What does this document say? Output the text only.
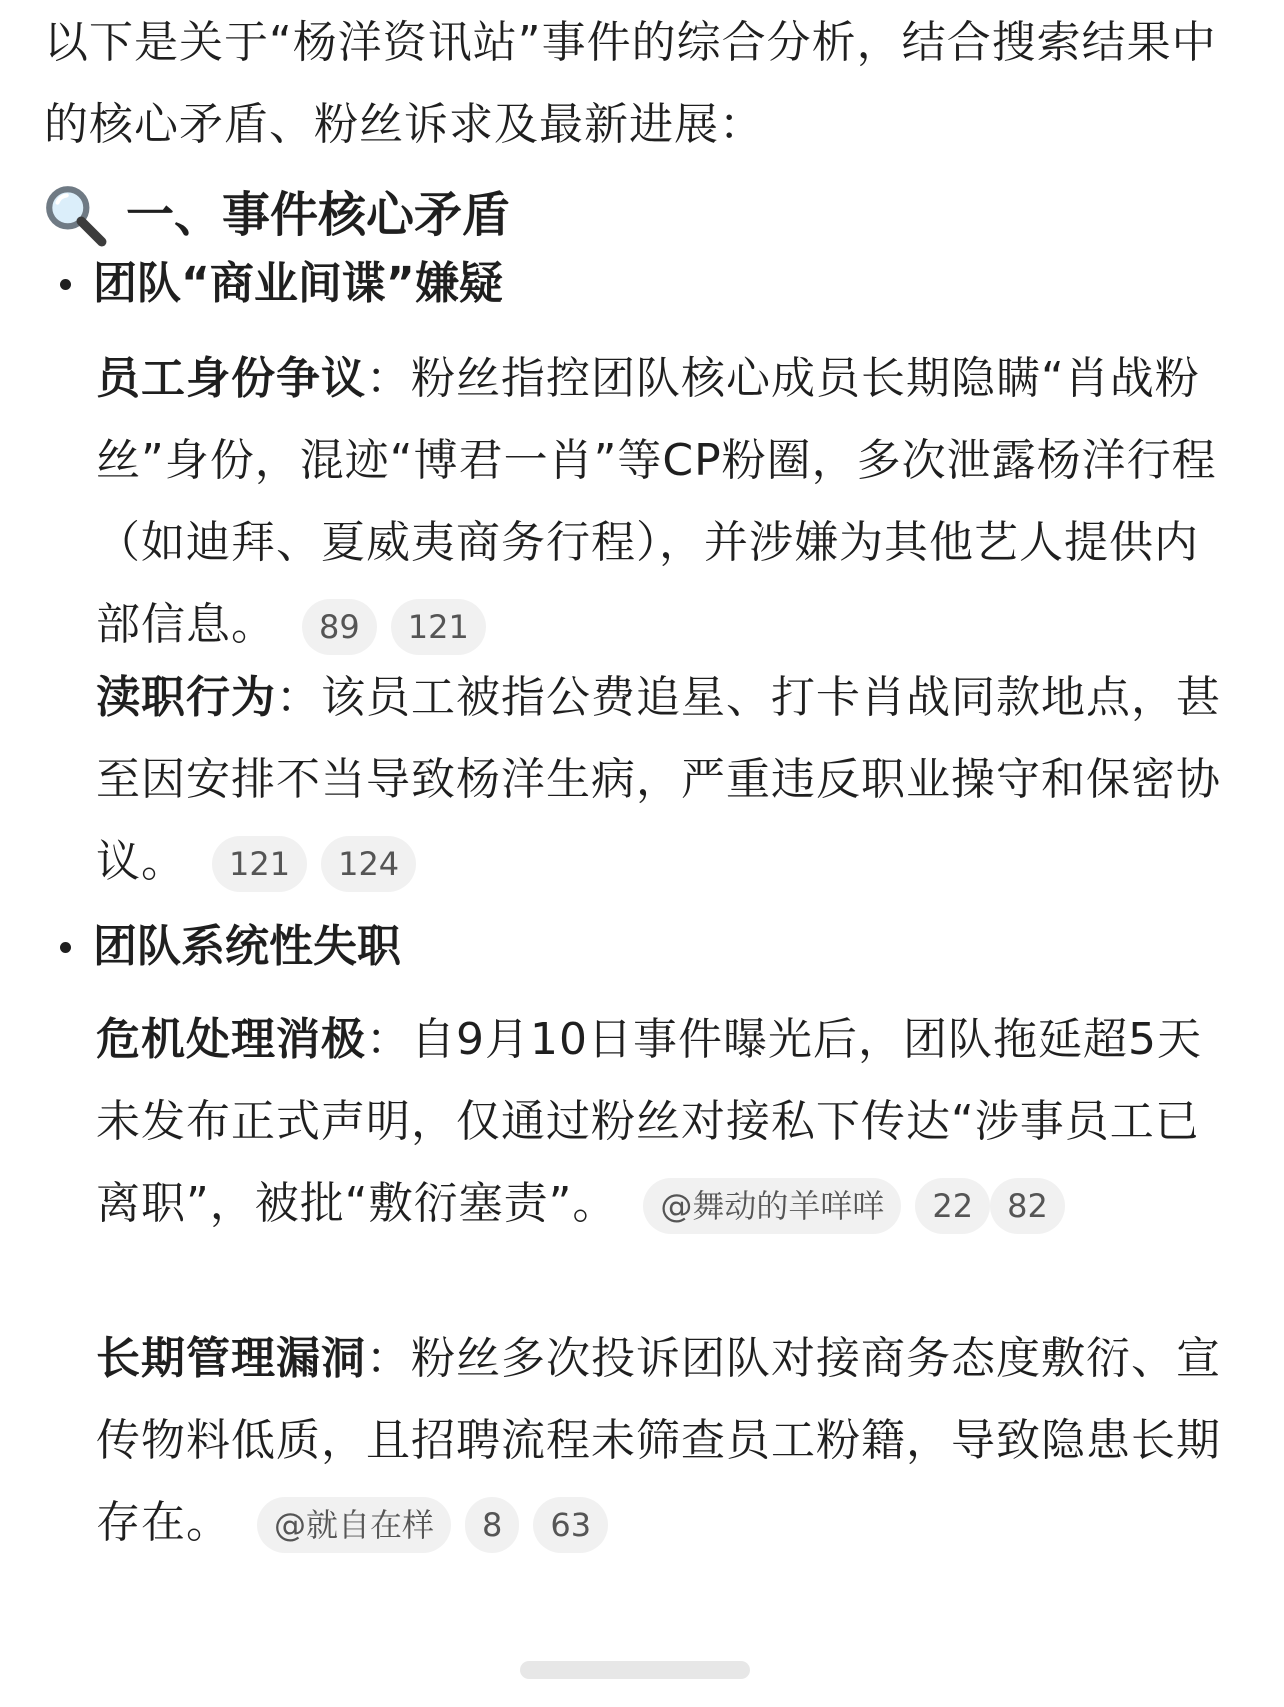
以下是关于“杨洋资讯站”事件的综合分析，结合搜索结果中的核心矛盾、粉丝诉求及最新进展：
一、事件核心矛盾
团队“商业间谍”嫌疑
员工身份争议：粉丝指控团队核心成员长期隐瞒“肖战粉丝”身份，混迹“博君一肖”等CP粉圈，多次泄露杨洋行程（如迪拜、夏威夷商务行程），并涉嫌为其他艺人提供内部信息。 89 121
渎职行为：该员工被指公费追星、打卡肖战同款地点，甚至因安排不当导致杨洋生病，严重违反职业操守和保密协议。 121 124
团队系统性失职
危机处理消极：自9月10日事件曝光后，团队拖延超5天未发布正式声明，仅通过粉丝对接私下传达“涉事员工已离职”，被批“敷衍塞责”。 @舞动的羊咩咩 22 82
长期管理漏洞：粉丝多次投诉团队对接商务态度敷衍、宣传物料低质，且招聘流程未筛查员工粉籍，导致隐患长期存在。 @就自在样 8 63
